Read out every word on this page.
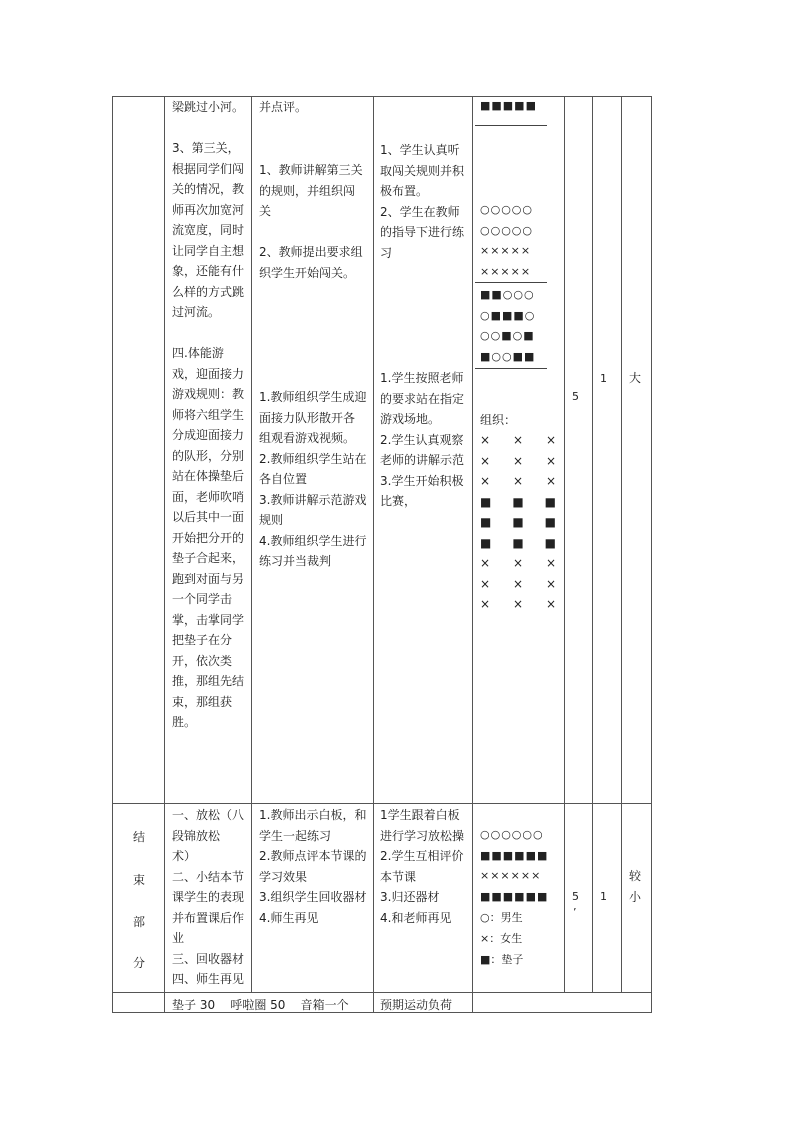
梁跳过小河。

3、第三关，
根据同学们闯
关的情况，教
师再次加宽河
流宽度，同时
让同学自主想
象，还能有什
么样的方式跳
过河流。

四.体能游
戏，迎面接力
游戏规则：教
师将六组学生
分成迎面接力
的队形，分别
站在体操垫后
面，老师吹哨
以后其中一面
开始把分开的
垫子合起来，
跑到对面与另
一个同学击
掌，击掌同学
把垫子在分
开，依次类
推，那组先结
束，那组获
胜。
并点评。
1、教师讲解第三关
的规则，并组织闯
关

2、教师提出要求组
织学生开始闯关。
1.教师组织学生成迎
面接力队形散开各
组观看游戏视频。
2.教师组织学生站在
各自位置
3.教师讲解示范游戏
规则
4.教师组织学生进行
练习并当裁判
1、学生认真听
取闯关规则并积
极布置。
2、学生在教师
的指导下进行练
习
1.学生按照老师
的要求站在指定
游戏场地。
2.学生认真观察
老师的讲解示范
3.学生开始积极
比赛，
■■■■■
○○○○○
○○○○○
×××××
×××××
■■○○○
○■■■○
○○■○■
■○○■■
组织：
× × ×
× × ×
× × ×
■ ■ ■
■ ■ ■
■ ■ ■
× × ×
× × ×
× × ×
5
1 大
结
束
部
分
一、放松（八
段锦放松
术）
二、小结本节
课学生的表现
并布置课后作
业
三、回收器材
四、师生再见
1.教师出示白板，和
学生一起练习
2.教师点评本节课的
学习效果
3.组织学生回收器材
4.师生再见
1学生跟着白板
进行学习放松操
2.学生互相评价
本节课
3.归还器材
4.和老师再见
○○○○○○
■■■■■■
××××××
■■■■■■
○：男生
×：女生
■：垫子
5
’
1
较
小
垫子 30    呼啦圈 50    音箱一个	预期运动负荷
